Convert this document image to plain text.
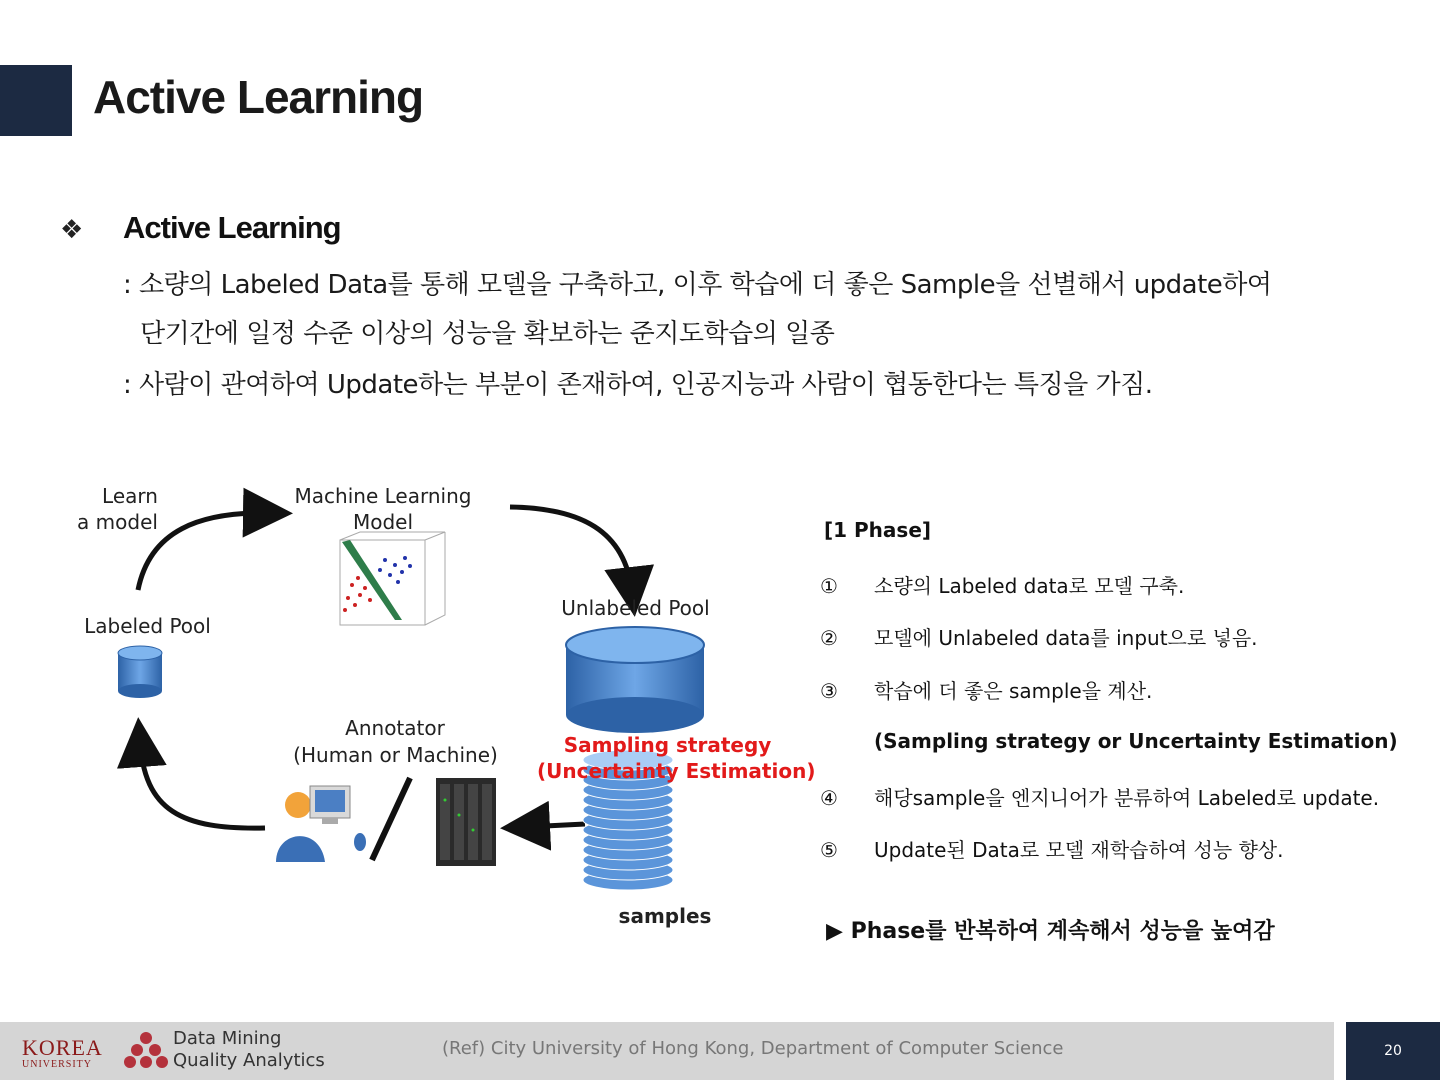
Active Learning
❖ Active Learning
: 소량의 Labeled Data를 통해 모델을 구축하고, 이후 학습에 더 좋은 Sample을 선별해서 update하여
단기간에 일정 수준 이상의 성능을 확보하는 준지도학습의 일종
: 사람이 관여하여 Update하는 부분이 존재하여, 인공지능과 사람이 협동한다는 특징을 가짐.
Learn
a model
Machine Learning
Model
Labeled Pool
Unlabeled Pool
Annotator
(Human or Machine)	Sampling strategy
(Uncertainty Estimation)
samples
[1 Phase]
① 소량의 Labeled data로 모델 구축.
② 모델에 Unlabeled data를 input으로 넣음.
③ 학습에 더 좋은 sample을 계산.
(Sampling strategy or Uncertainty Estimation)
④ 해당sample을 엔지니어가 분류하여 Labeled로 update.
⑤ Update된 Data로 모델 재학습하여 성능 향상.
▶ Phase를 반복하여 계속해서 성능을 높여감
KOREA
UNIVERSITY
Data Mining
Quality Analytics
(Ref) City University of Hong Kong, Department of Computer Science	20
